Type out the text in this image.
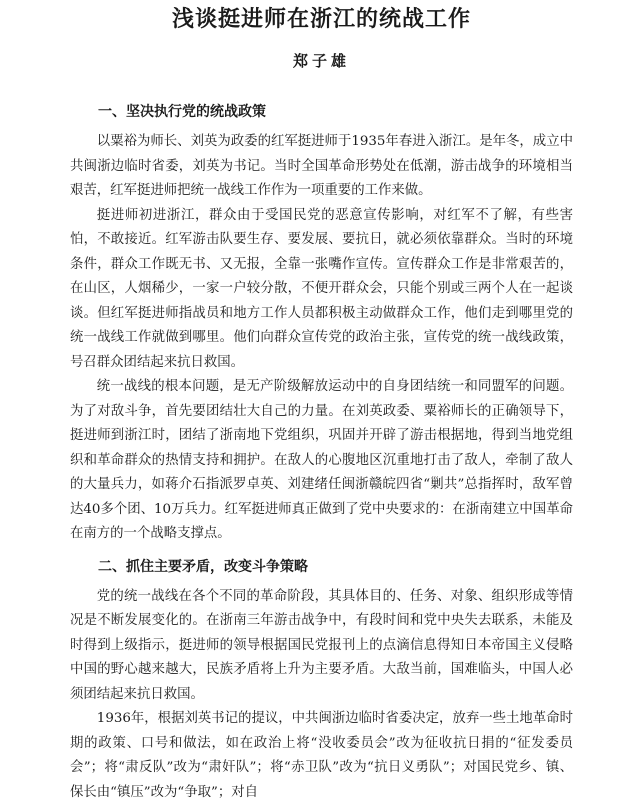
浅谈挺进师在浙江的统战工作
郑子雄
一、坚决执行党的统战政策

以粟裕为师长、刘英为政委的红军挺进师于1935年春进入浙江。是年冬，成立中共闽浙边临时省委，刘英为书记。当时全国革命形势处在低潮，游击战争的环境相当艰苦，红军挺进师把统一战线工作作为一项重要的工作来做。

挺进师初进浙江，群众由于受国民党的恶意宣传影响，对红军不了解，有些害怕，不敢接近。红军游击队要生存、要发展、要抗日，就必须依靠群众。当时的环境条件，群众工作既无书、又无报，全靠一张嘴作宣传。宣传群众工作是非常艰苦的，在山区，人烟稀少，一家一户较分散，不便开群众会，只能个别或三两个人在一起谈谈。但红军挺进师指战员和地方工作人员都积极主动做群众工作，他们走到哪里党的统一战线工作就做到哪里。他们向群众宣传党的政治主张，宣传党的统一战线政策，号召群众团结起来抗日救国。

统一战线的根本问题，是无产阶级解放运动中的自身团结统一和同盟军的问题。为了对敌斗争，首先要团结壮大自己的力量。在刘英政委、粟裕师长的正确领导下，挺进师到浙江时，团结了浙南地下党组织，巩固并开辟了游击根据地，得到当地党组织和革命群众的热情支持和拥护。在敌人的心腹地区沉重地打击了敌人，牵制了敌人的大量兵力，如蒋介石指派罗卓英、刘建绪任闽浙赣皖四省“剿共”总指挥时，敌军曾达40多个团、10万兵力。红军挺进师真正做到了党中央要求的：在浙南建立中国革命在南方的一个战略支撑点。

二、抓住主要矛盾，改变斗争策略

党的统一战线在各个不同的革命阶段，其具体目的、任务、对象、组织形成等情况是不断发展变化的。在浙南三年游击战争中，有段时间和党中央失去联系，未能及时得到上级指示，挺进师的领导根据国民党报刊上的点滴信息得知日本帝国主义侵略中国的野心越来越大，民族矛盾将上升为主要矛盾。大敌当前，国难临头，中国人必须团结起来抗日救国。

1936年，根据刘英书记的提议，中共闽浙边临时省委决定，放弃一些土地革命时期的政策、口号和做法，如在政治上将“没收委员会”改为征收抗日捐的“征发委员会”；将“肃反队”改为“肃奸队”；将“赤卫队”改为“抗日义勇队”；对国民党乡、镇、保长由“镇压”改为“争取”；对自
